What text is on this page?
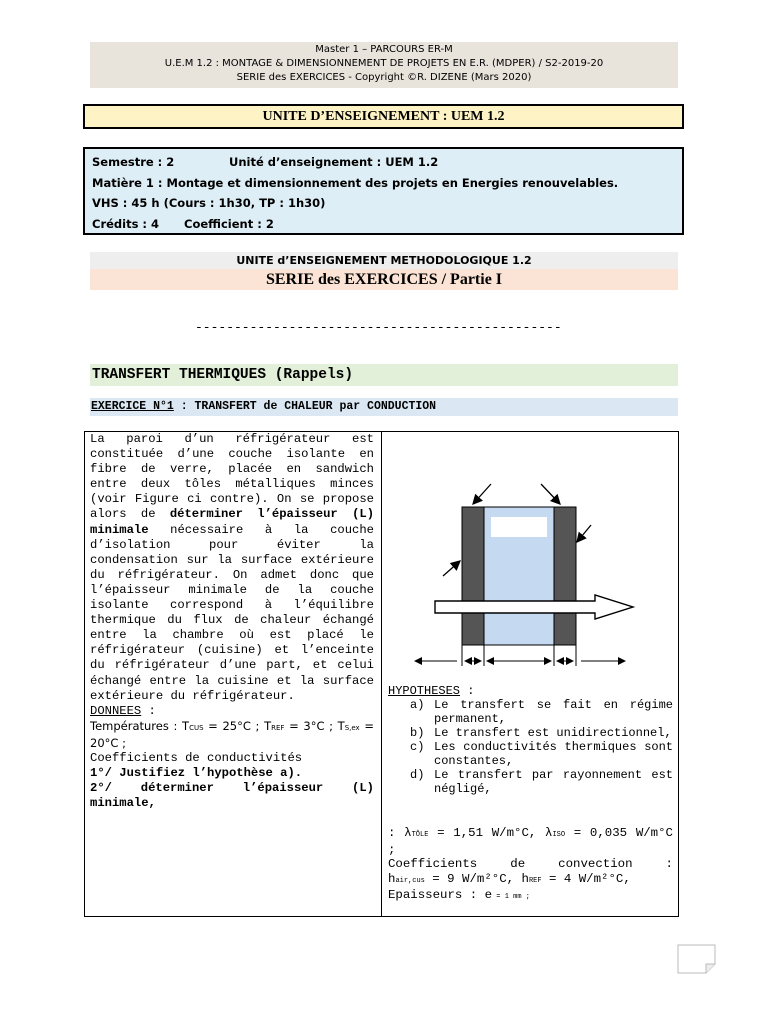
Master 1 – PARCOURS ER-M
U.E.M 1.2 : MONTAGE & DIMENSIONNEMENT DE PROJETS EN E.R. (MDPER) / S2-2019-20
SERIE des EXERCICES - Copyright ©R. DIZENE (Mars 2020)
UNITE D’ENSEIGNEMENT : UEM 1.2
Semestre : 2	Unité d’enseignement : UEM 1.2
Matière 1 : Montage et dimensionnement des projets en Energies renouvelables.
VHS : 45 h (Cours : 1h30, TP : 1h30)
Crédits : 4 Coefficient : 2
UNITE d’ENSEIGNEMENT METHODOLOGIQUE 1.2
SERIE des EXERCICES / Partie I
-----------------------------------------------
TRANSFERT THERMIQUES (Rappels)
EXERCICE N°1 : TRANSFERT de CHALEUR par CONDUCTION

La paroi d’un réfrigérateur est constituée d’une couche isolante en fibre de verre, placée en sandwich entre deux tôles métalliques minces (voir Figure ci contre). On se propose alors de déterminer l’épaisseur (L) minimale nécessaire à la couche d’isolation pour éviter la condensation sur la surface extérieure du réfrigérateur. On admet donc que l’épaisseur minimale de la couche isolante correspond à l’équilibre thermique du flux de chaleur échangé entre la chambre où est placé le réfrigérateur (cuisine) et l’enceinte du réfrigérateur d’une part, et celui échangé entre la cuisine et la surface extérieure du réfrigérateur.

DONNEES :

Températures : TCUS = 25°C ; TREF = 3°C ; TS,ex = 20°C ;

Coefficients de conductivités

1°/ Justifiez l’hypothèse a).

2°/ déterminer l’épaisseur (L) minimale,

HYPOTHESES :
a) Le transfert se fait en régime permanent,
b) Le transfert est unidirectionnel,
c) Les conductivités thermiques sont constantes,
d) Le transfert par rayonnement est négligé,
: λTÔLE = 1,51 W/m°C, λISO = 0,035 W/m°C ;
Coefficients de convection :
hair,cus = 9 W/m²°C, hREF = 4 W/m²°C,
Epaisseurs : e = 1 mm ;
